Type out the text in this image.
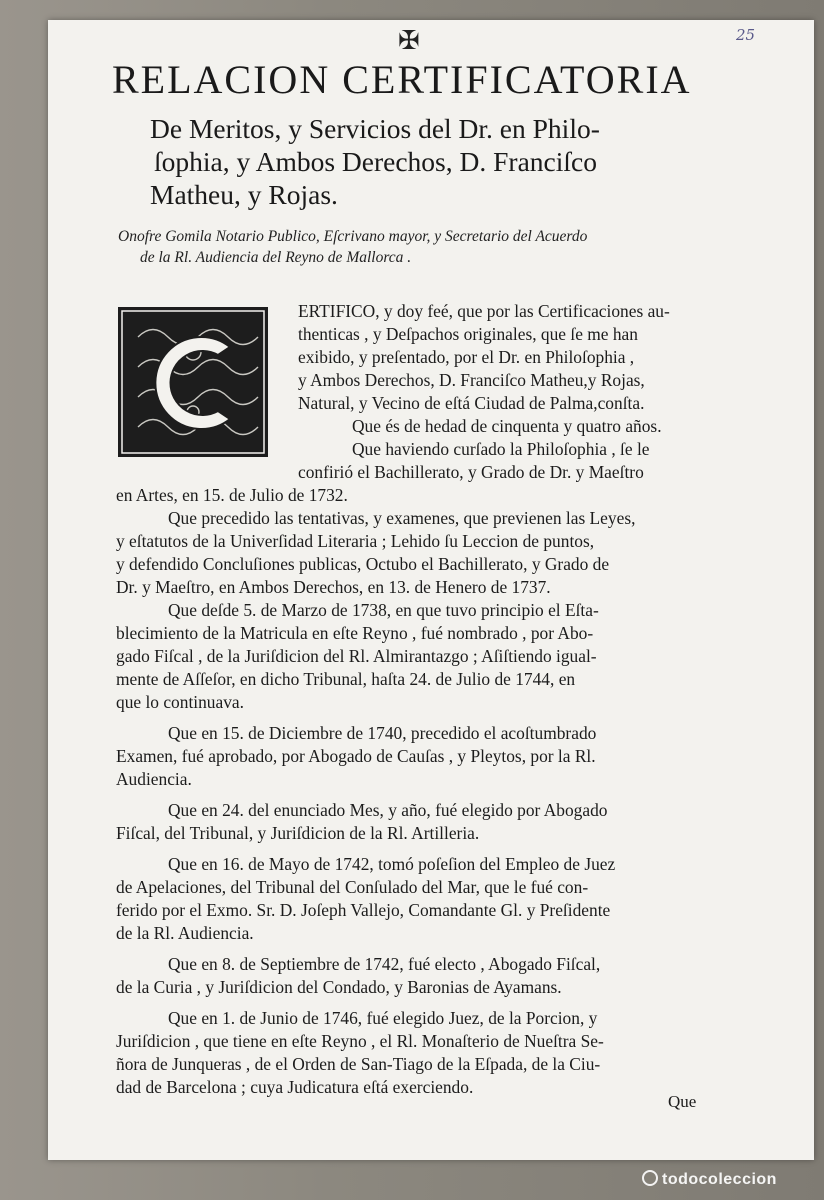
25
✠
RELACION CERTIFICATORIA
De Meritos, y Servicios del Dr. en Philo-
ſophia, y Ambos Derechos, D. Franciſco
Matheu, y Rojas.
Onofre Gomila Notario Publico, Eſcrivano mayor, y Secretario del Acuerdo
de la Rl. Audiencia del Reyno de Mallorca .
ERTIFICO, y doy feé, que por las Certificaciones au-
thenticas , y Deſpachos originales, que ſe me han
exibido, y preſentado, por el Dr. en Philoſophia ,
y Ambos Derechos, D. Franciſco Matheu,y Rojas,
Natural, y Vecino de eſtá Ciudad de Palma,conſta.
Que és de hedad de cinquenta y quatro años.
Que haviendo curſado la Philoſophia , ſe le
confirió el Bachillerato, y Grado de Dr. y Maeſtro
en Artes, en 15. de Julio de 1732.
Que precedido las tentativas, y examenes, que previenen las Leyes,
y eſtatutos de la Univerſidad Literaria ; Lehido ſu Leccion de puntos,
y defendido Concluſiones publicas, Octubo el Bachillerato, y Grado de
Dr. y Maeſtro, en Ambos Derechos, en 13. de Henero de 1737.
Que deſde 5. de Marzo de 1738, en que tuvo principio el Eſta-
blecimiento de la Matricula en eſte Reyno , fué nombrado , por Abo-
gado Fiſcal , de la Juriſdicion del Rl. Almirantazgo ; Aſiſtiendo igual-
mente de Aſſeſor, en dicho Tribunal, haſta 24. de Julio de 1744, en
que lo continuava.
Que en 15. de Diciembre de 1740, precedido el acoſtumbrado
Examen, fué aprobado, por Abogado de Cauſas , y Pleytos, por la Rl.
Audiencia.
Que en 24. del enunciado Mes, y año, fué elegido por Abogado
Fiſcal, del Tribunal, y Juriſdicion de la Rl. Artilleria.
Que en 16. de Mayo de 1742, tomó poſeſion del Empleo de Juez
de Apelaciones, del Tribunal del Conſulado del Mar, que le fué con-
ferido por el Exmo. Sr. D. Joſeph Vallejo, Comandante Gl. y Preſidente
de la Rl. Audiencia.
Que en 8. de Septiembre de 1742, fué electo , Abogado Fiſcal,
de la Curia , y Juriſdicion del Condado, y Baronias de Ayamans.
Que en 1. de Junio de 1746, fué elegido Juez, de la Porcion, y
Juriſdicion , que tiene en eſte Reyno , el Rl. Monaſterio de Nueſtra Se-
ñora de Junqueras , de el Orden de San-Tiago de la Eſpada, de la Ciu-
dad de Barcelona ; cuya Judicatura eſtá exerciendo.
Que
todocoleccion
